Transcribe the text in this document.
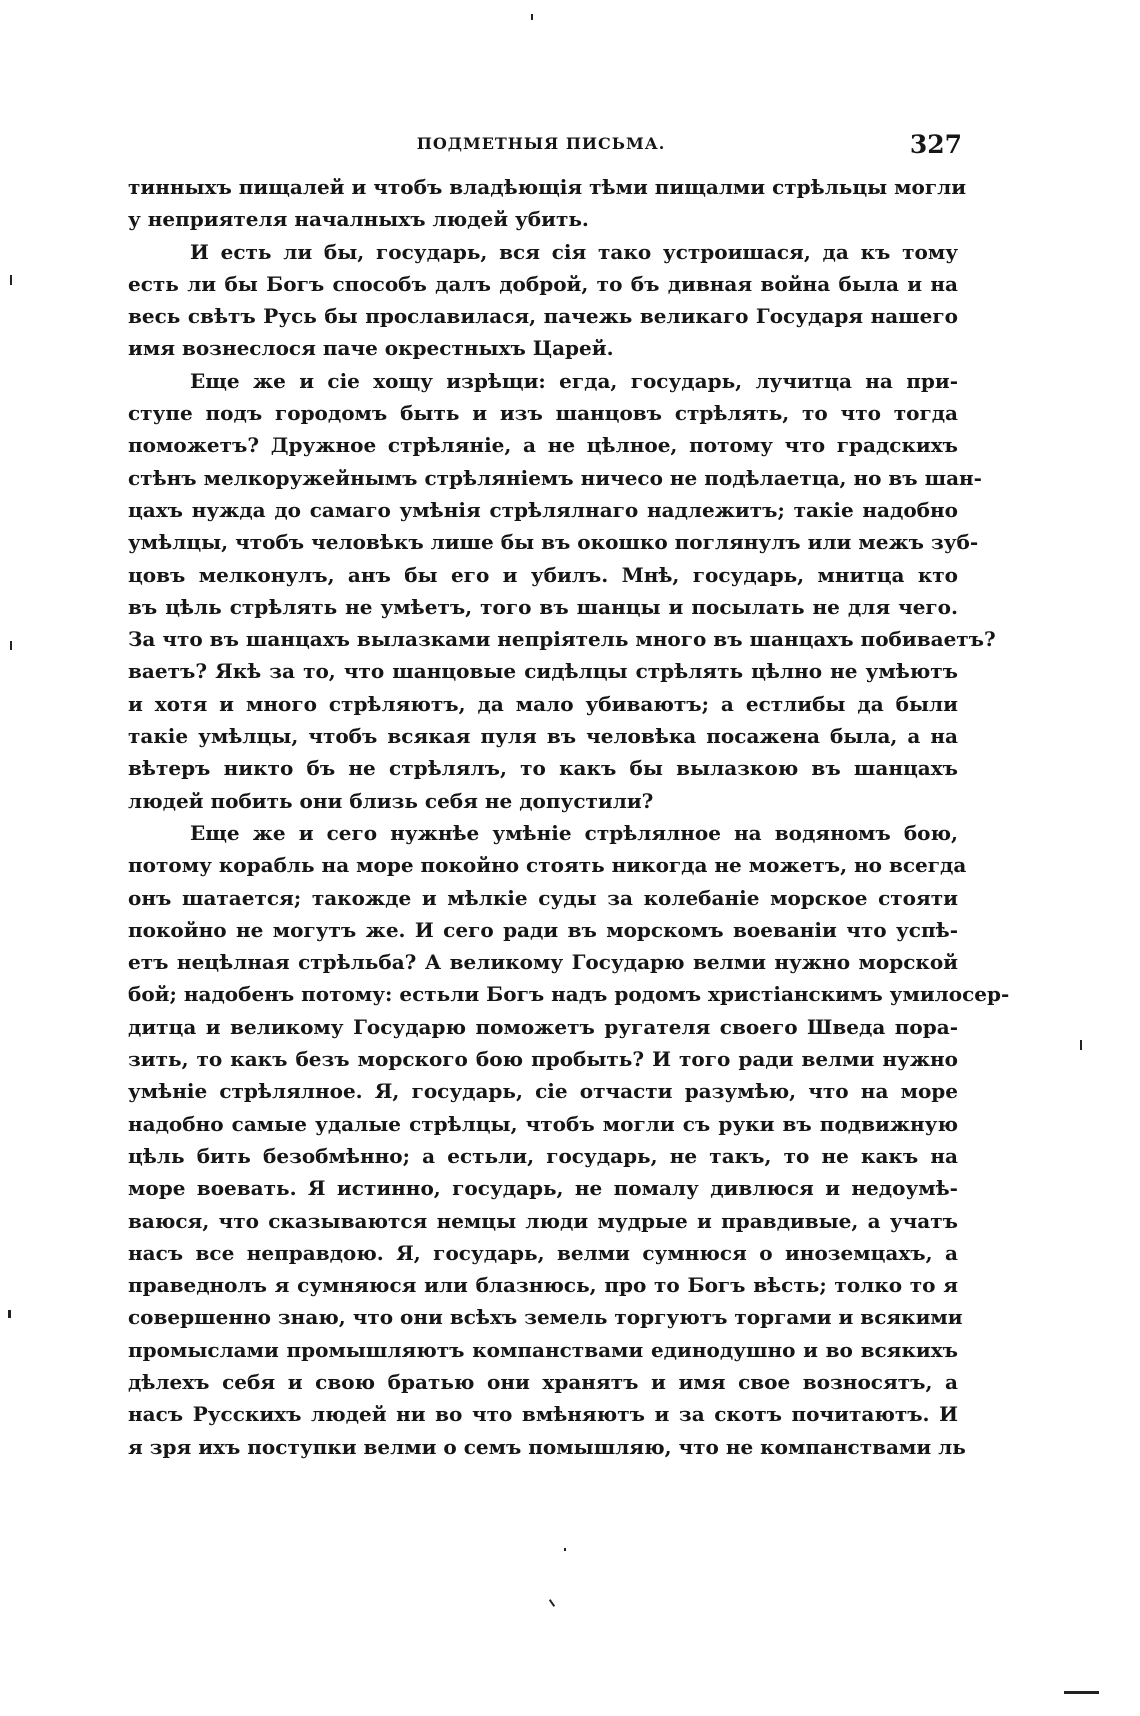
ПОДМЕТНЫЯ ПИСЬМА.	327
тинныхъ пищалей и чтобъ владѣющія тѣми пищалми стрѣльцы могли
у неприятеля началныхъ людей убить.
И есть ли бы, государь, вся сія тако устроишася, да къ тому
есть ли бы Богъ способъ далъ доброй, то бъ дивная война была и на
весь свѣтъ Русь бы прославилася, пачежь великаго Государя нашего
имя вознеслося паче окрестныхъ Царей.
Еще же и сіе хощу изрѣщи: егда, государь, лучитца на при-
ступе подъ городомъ быть и изъ шанцовъ стрѣлять, то что тогда
поможетъ? Дружное стрѣляніе, а не цѣлное, потому что градскихъ
стѣнъ мелкоружейнымъ стрѣляніемъ ничесо не подѣлаетца, но въ шан-
цахъ нужда до самаго умѣнія стрѣлялнаго надлежитъ; такіе надобно
умѣлцы, чтобъ человѣкъ лише бы въ окошко поглянулъ или межъ зуб-
цовъ мелконулъ, анъ бы его и убилъ. Мнѣ, государь, мнитца кто
въ цѣль стрѣлять не умѣетъ, того въ шанцы и посылать не для чего.
За что въ шанцахъ вылазками непріятель много въ шанцахъ побиваетъ?
ваетъ? Якѣ за то, что шанцовые сидѣлцы стрѣлять цѣлно не умѣютъ
и хотя и много стрѣляютъ, да мало убиваютъ; а естлибы да были
такіе умѣлцы, чтобъ всякая пуля въ человѣка посажена была, а на
вѣтеръ никто бъ не стрѣлялъ, то какъ бы вылазкою въ шанцахъ
людей побить они близь себя не допустили?
Еще же и сего нужнѣе умѣніе стрѣлялное на водяномъ бою,
потому корабль на море покойно стоять никогда не можетъ, но всегда
онъ шатается; такожде и мѣлкіе суды за колебаніе морское стояти
покойно не могутъ же. И сего ради въ морскомъ воеваніи что успѣ-
етъ нецѣлная стрѣльба? А великому Государю велми нужно морской
бой; надобенъ потому: естьли Богъ надъ родомъ христіанскимъ умилосер-
дитца и великому Государю поможетъ ругателя своего Шведа пора-
зить, то какъ безъ морского бою пробыть? И того ради велми нужно
умѣніе стрѣлялное. Я, государь, сіе отчасти разумѣю, что на море
надобно самые удалые стрѣлцы, чтобъ могли съ руки въ подвижную
цѣль бить безобмѣнно; а естьли, государь, не такъ, то не какъ на
море воевать. Я истинно, государь, не помалу дивлюся и недоумѣ-
ваюся, что сказываются немцы люди мудрые и правдивые, а учатъ
насъ все неправдою. Я, государь, велми сумнюся о иноземцахъ, а
праведнолъ я сумняюся или блазнюсь, про то Богъ вѣсть; толко то я
совершенно знаю, что они всѣхъ земель торгуютъ торгами и всякими
промыслами промышляютъ компанствами единодушно и во всякихъ
дѣлехъ себя и свою братью они хранятъ и имя свое возносятъ, а
насъ Русскихъ людей ни во что вмѣняютъ и за скотъ почитаютъ. И
я зря ихъ поступки велми о семъ помышляю, что не компанствами ль
